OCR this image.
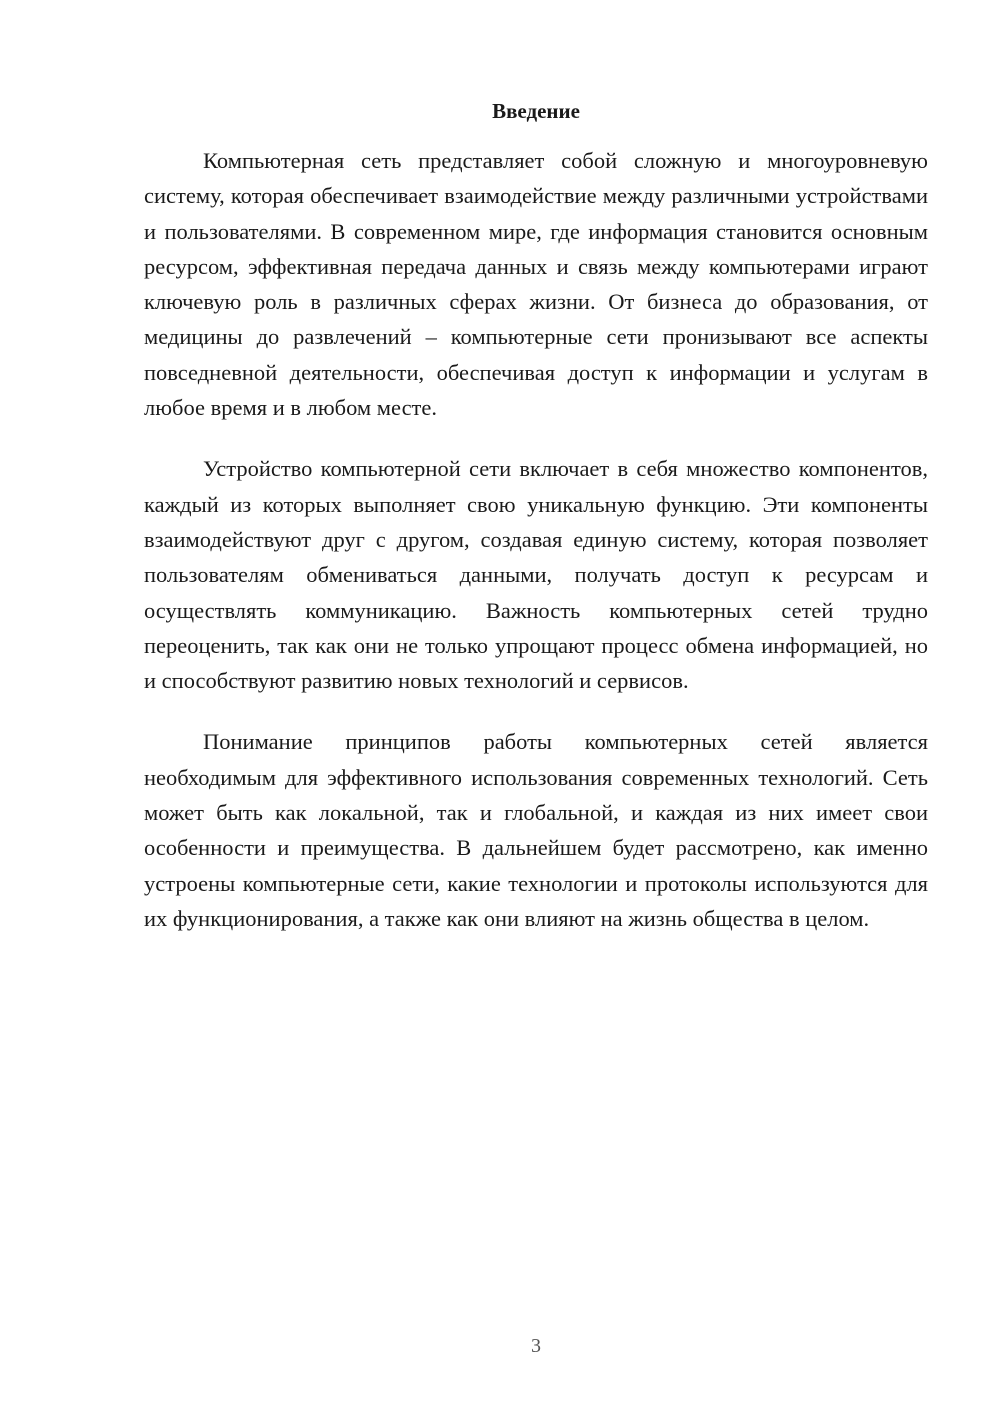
Введение

Компьютерная сеть представляет собой сложную и многоуровневую систему, которая обеспечивает взаимодействие между различными устройствами и пользователями. В современном мире, где информация становится основным ресурсом, эффективная передача данных и связь между компьютерами играют ключевую роль в различных сферах жизни. От бизнеса до образования, от медицины до развлечений – компьютерные сети пронизывают все аспекты повседневной деятельности, обеспечивая доступ к информации и услугам в любое время и в любом месте.

Устройство компьютерной сети включает в себя множество компонентов, каждый из которых выполняет свою уникальную функцию. Эти компоненты взаимодействуют друг с другом, создавая единую систему, которая позволяет пользователям обмениваться данными, получать доступ к ресурсам и осуществлять коммуникацию. Важность компьютерных сетей трудно переоценить, так как они не только упрощают процесс обмена информацией, но и способствуют развитию новых технологий и сервисов.

Понимание принципов работы компьютерных сетей является необходимым для эффективного использования современных технологий. Сеть может быть как локальной, так и глобальной, и каждая из них имеет свои особенности и преимущества. В дальнейшем будет рассмотрено, как именно устроены компьютерные сети, какие технологии и протоколы используются для их функционирования, а также как они влияют на жизнь общества в целом.

3
